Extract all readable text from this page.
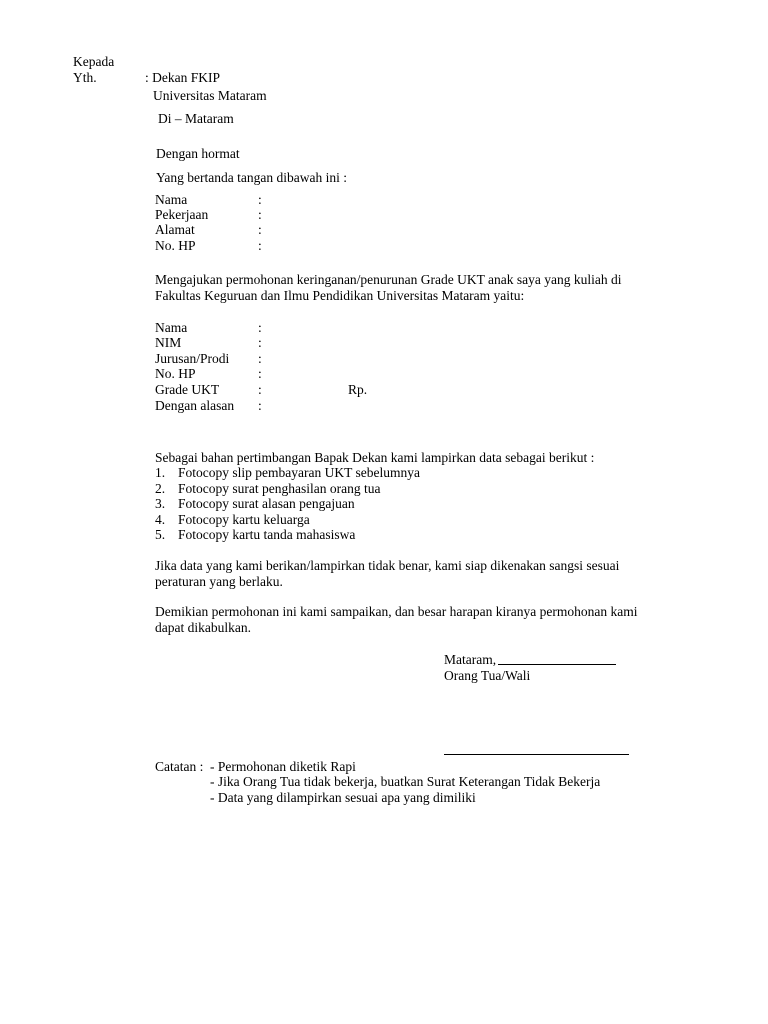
Kepada
Yth.	: Dekan FKIP
Universitas Mataram
Di – Mataram
Dengan hormat
Yang bertanda tangan dibawah ini :
Nama	:
Pekerjaan	:
Alamat	:
No. HP	:
Mengajukan permohonan keringanan/penurunan Grade UKT anak saya yang kuliah di
Fakultas Keguruan dan Ilmu Pendidikan Universitas Mataram yaitu:
Nama	:
NIM	:
Jurusan/Prodi :
No. HP	:
Grade UKT	:	Rp.
Dengan alasan :
Sebagai bahan pertimbangan Bapak Dekan kami lampirkan data sebagai berikut :
1. Fotocopy slip pembayaran UKT sebelumnya
2. Fotocopy surat penghasilan orang tua
3. Fotocopy surat alasan pengajuan
4. Fotocopy kartu keluarga
5. Fotocopy kartu tanda mahasiswa
Jika data yang kami berikan/lampirkan tidak benar, kami siap dikenakan sangsi sesuai
peraturan yang berlaku.
Demikian permohonan ini kami sampaikan, dan besar harapan kiranya permohonan kami
dapat dikabulkan.
Mataram,
Orang Tua/Wali
Catatan : - Permohonan diketik Rapi
- Jika Orang Tua tidak bekerja, buatkan Surat Keterangan Tidak Bekerja
- Data yang dilampirkan sesuai apa yang dimiliki
